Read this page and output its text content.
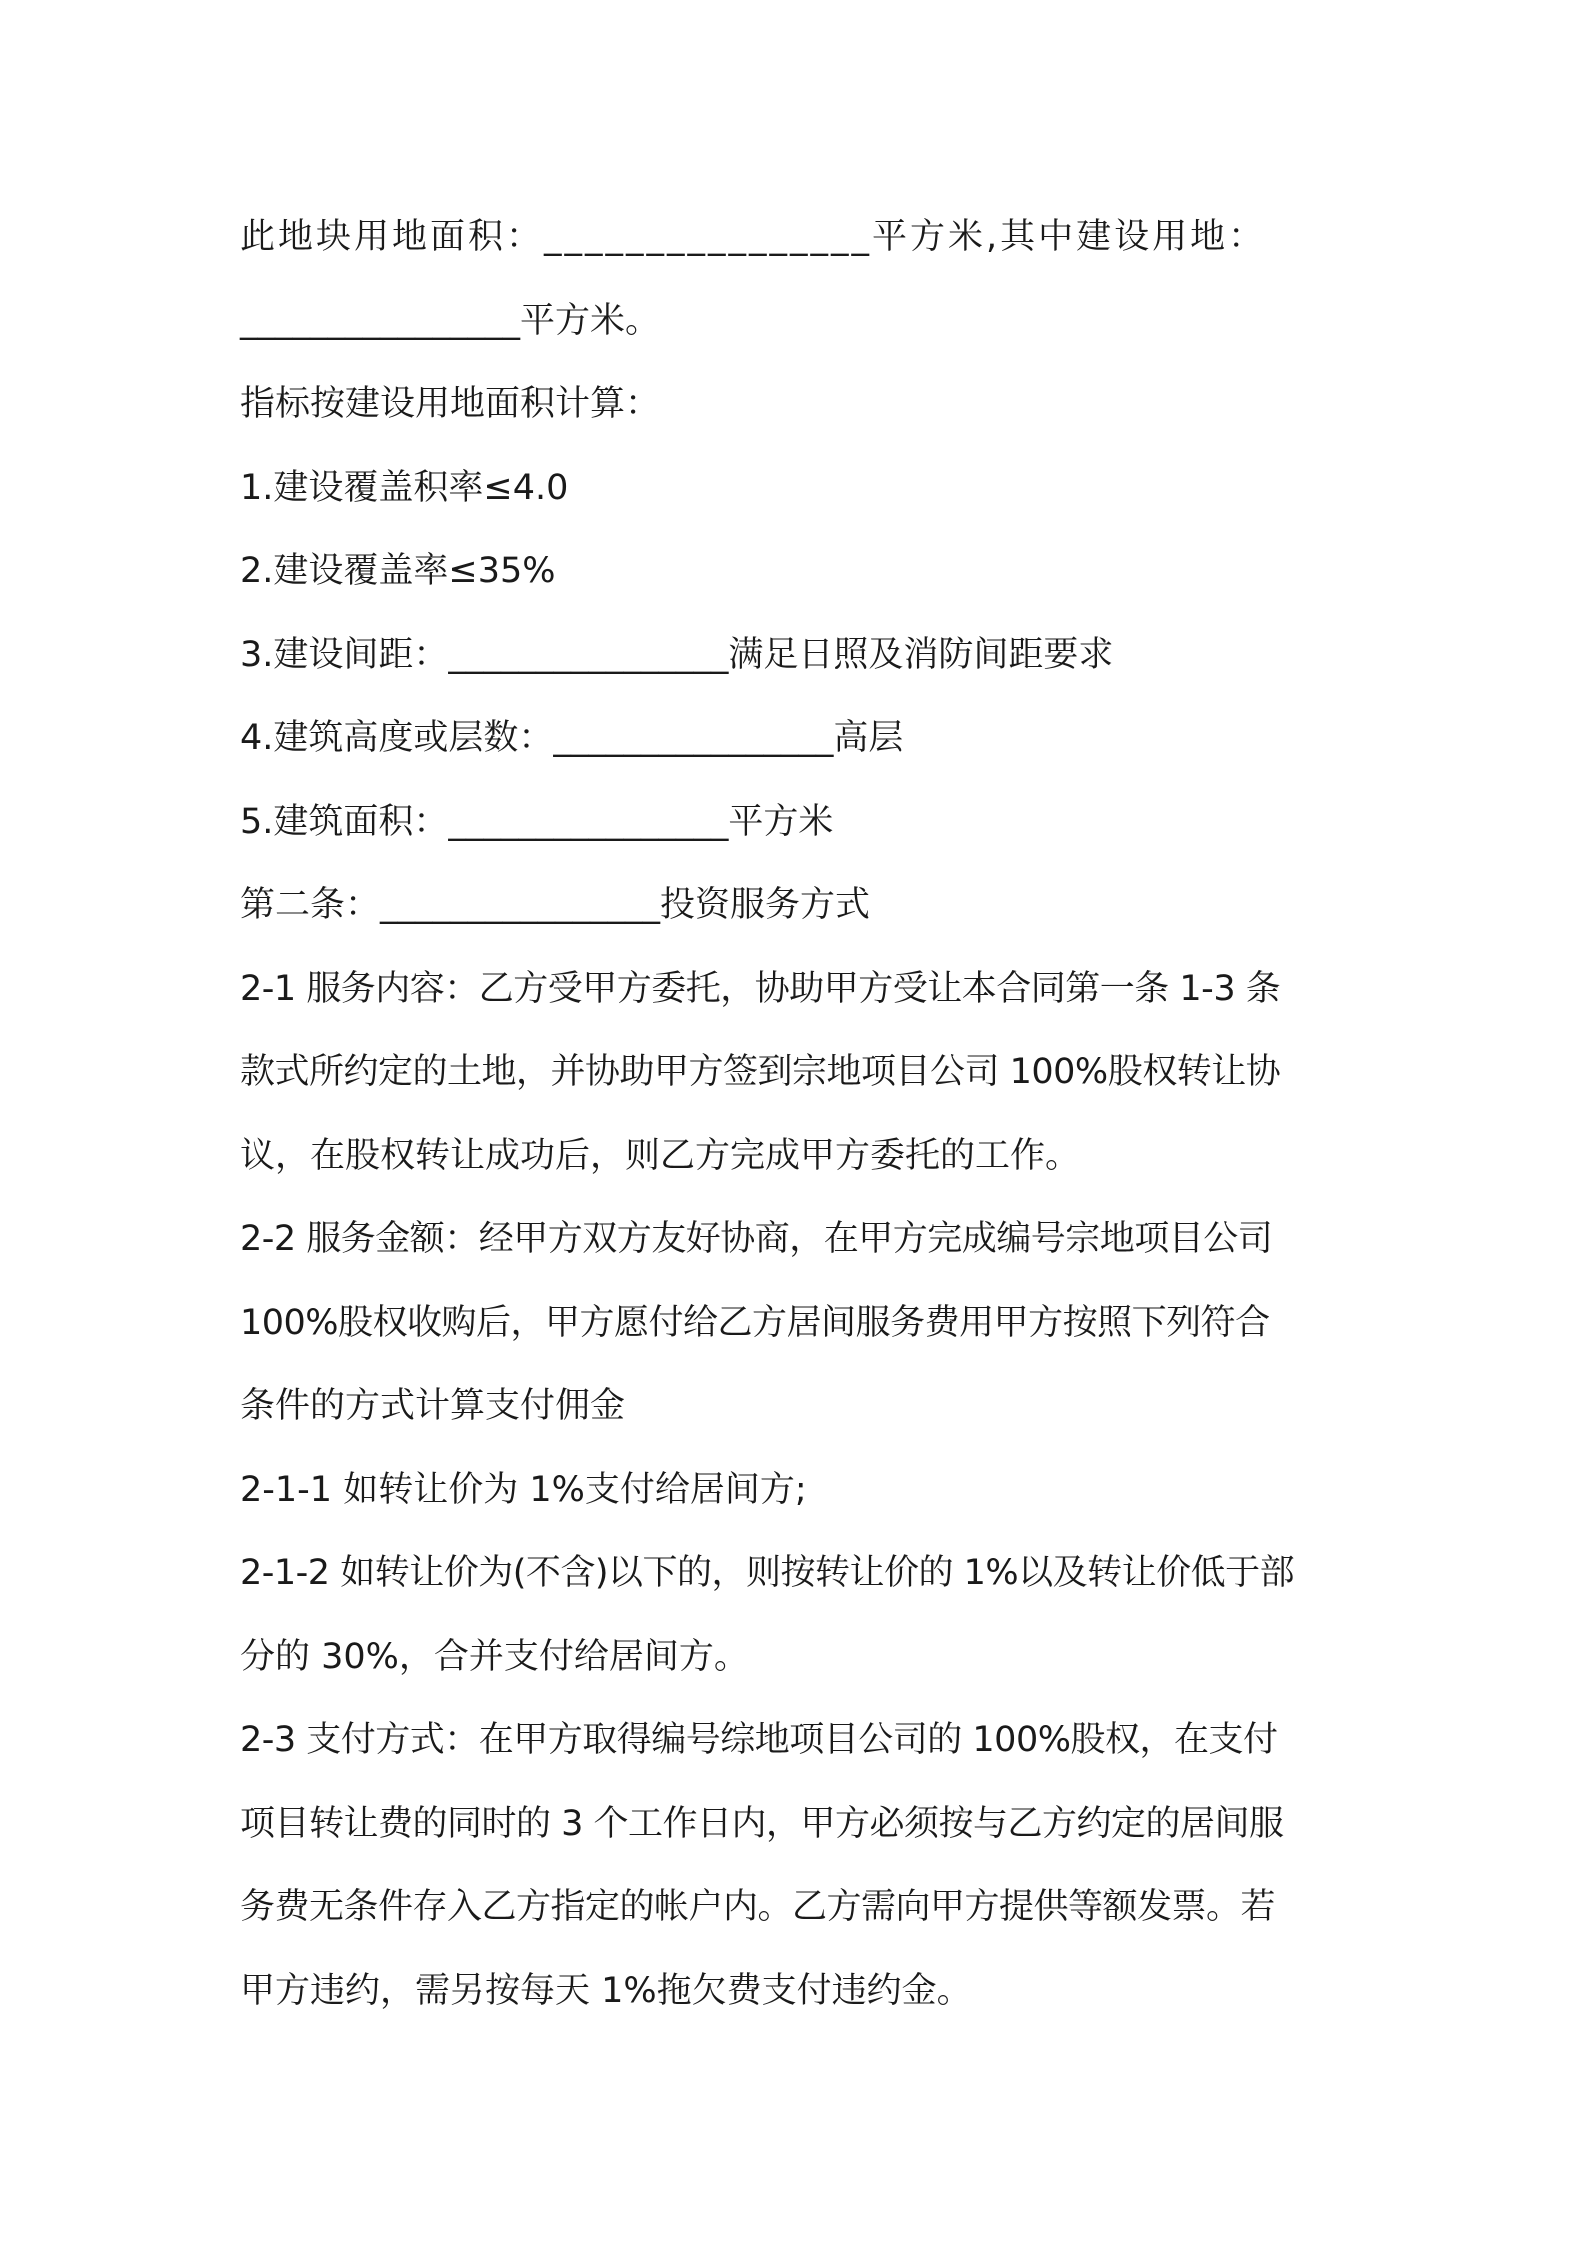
此地块用地面积：________________平方米,其中建设用地：
________________平方米。
指标按建设用地面积计算：
1.建设覆盖积率≤4.0
2.建设覆盖率≤35%
3.建设间距：________________满足日照及消防间距要求
4.建筑高度或层数：________________高层
5.建筑面积：________________平方米
第二条：________________投资服务方式
2-1 服务内容：乙方受甲方委托，协助甲方受让本合同第一条 1-3 条
款式所约定的土地，并协助甲方签到宗地项目公司 100%股权转让协
议，在股权转让成功后，则乙方完成甲方委托的工作。
2-2 服务金额：经甲方双方友好协商，在甲方完成编号宗地项目公司
100%股权收购后，甲方愿付给乙方居间服务费用甲方按照下列符合
条件的方式计算支付佣金
2-1-1 如转让价为 1%支付给居间方;
2-1-2 如转让价为(不含)以下的，则按转让价的 1%以及转让价低于部
分的 30%，合并支付给居间方。
2-3 支付方式：在甲方取得编号综地项目公司的 100%股权，在支付
项目转让费的同时的 3 个工作日内，甲方必须按与乙方约定的居间服
务费无条件存入乙方指定的帐户内。乙方需向甲方提供等额发票。若
甲方违约，需另按每天 1%拖欠费支付违约金。
